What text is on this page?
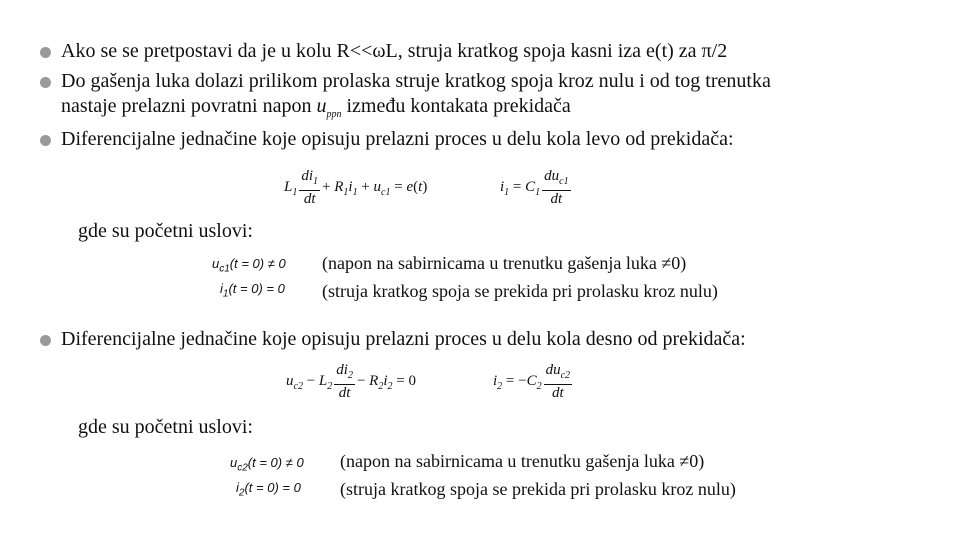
Ako se se pretpostavi da je u kolu R<<ωL, struja kratkog spoja kasni iza e(t) za π/2
Do gašenja luka dolazi prilikom prolaska struje kratkog spoja kroz nulu i od tog trenutka
nastaje prelazni povratni napon $u_{ppn}$ između kontakata prekidača
Diferencijalne jednačine koje opisuju prelazni proces u delu kola levo od prekidača:
$L_1 \frac{di_1}{dt} + R_1i_1 + u_{c1} = e(t)$	$i_1 = C_1 \frac{du_{c1}}{dt}$
gde su početni uslovi:
$u_{c1}(t = 0) \ne 0$
$i_1(t = 0) = 0$
(napon na sabirnicama u trenutku gašenja luka ≠0)
(struja kratkog spoja se prekida pri prolasku kroz nulu)
Diferencijalne jednačine koje opisuju prelazni proces u delu kola desno od prekidača:
$u_{c2} - L_2 \frac{di_2}{dt} - R_2i_2 = 0$	$i_2 = -C_2 \frac{du_{c2}}{dt}$
gde su početni uslovi:
$u_{c2}(t = 0) \ne 0$
$i_2(t = 0) = 0$
(napon na sabirnicama u trenutku gašenja luka ≠0)
(struja kratkog spoja se prekida pri prolasku kroz nulu)
